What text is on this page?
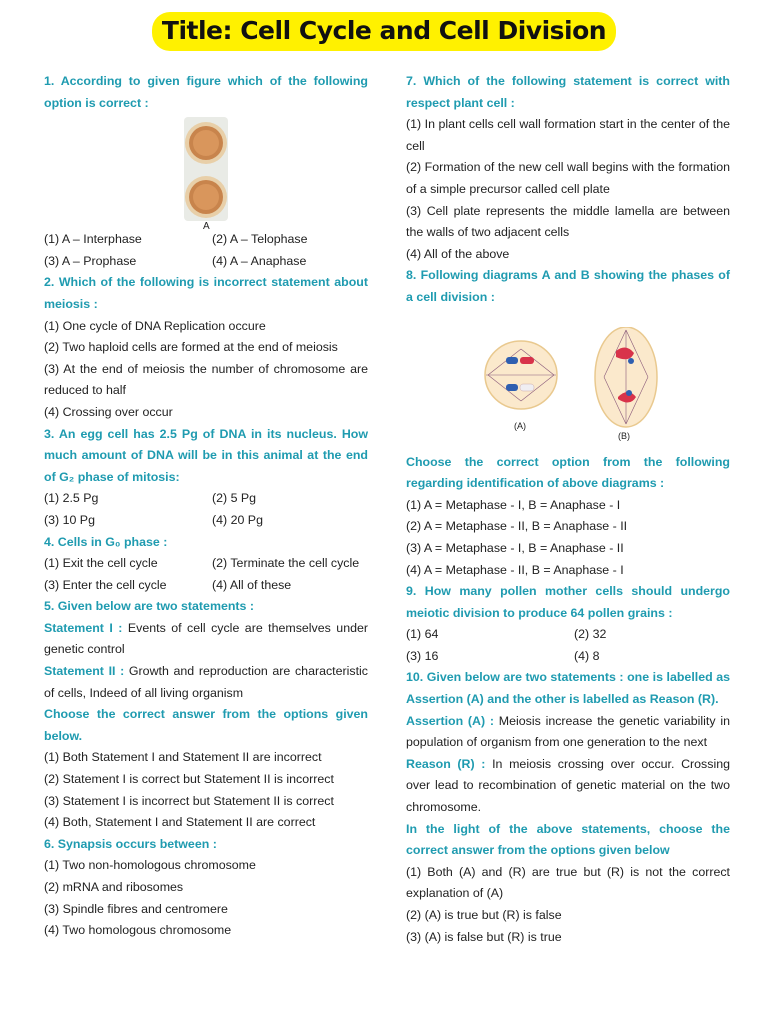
Title: Cell Cycle and Cell Division
1. According to given figure which of the following option is correct :
A
(1) A – Interphase	(2) A – Telophase
(3) A – Prophase	(4) A – Anaphase
2. Which of the following is incorrect statement about meiosis :
(1) One cycle of DNA Replication occure
(2) Two haploid cells are formed at the end of meiosis
(3) At the end of meiosis the number of chromosome are reduced to half
(4) Crossing over occur
3. An egg cell has 2.5 Pg of DNA in its nucleus. How much amount of DNA will be in this animal at the end of G₂ phase of mitosis:
(1) 2.5 Pg	(2) 5 Pg
(3) 10 Pg	(4) 20 Pg
4. Cells in G₀ phase :
(1) Exit the cell cycle	(2) Terminate the cell cycle
(3) Enter the cell cycle	(4) All of these
5. Given below are two statements :
Statement I : Events of cell cycle are themselves under genetic control
Statement II : Growth and reproduction are characteristic of cells, Indeed of all living organism
Choose the correct answer from the options given below.
(1) Both Statement I and Statement II are incorrect
(2) Statement I is correct but Statement II is incorrect
(3) Statement I is incorrect but Statement II is correct
(4) Both, Statement I and Statement II are correct
6. Synapsis occurs between :
(1) Two non-homologous chromosome
(2) mRNA and ribosomes
(3) Spindle fibres and centromere
(4) Two homologous chromosome
7. Which of the following statement is correct with respect plant cell :
(1) In plant cells cell wall formation start in the center of the cell
(2) Formation of the new cell wall begins with the formation of a simple precursor called cell plate
(3) Cell plate represents the middle lamella are between the walls of two adjacent cells
(4) All of the above
8. Following diagrams A and B showing the phases of a cell division :
(A)
(B)
Choose the correct option from the following regarding identification of above diagrams :
(1) A = Metaphase - I, B = Anaphase - I
(2) A = Metaphase - II, B = Anaphase - II
(3) A = Metaphase - I, B = Anaphase - II
(4) A = Metaphase - II, B = Anaphase - I
9. How many pollen mother cells should undergo meiotic division to produce 64 pollen grains :
(1) 64	(2) 32
(3) 16	(4) 8
10. Given below are two statements : one is labelled as Assertion (A) and the other is labelled as Reason (R).
Assertion (A) : Meiosis increase the genetic variability in population of organism from one generation to the next
Reason (R) : In meiosis crossing over occur. Crossing over lead to recombination of genetic material on the two chromosome.
In the light of the above statements, choose the correct answer from the options given below
(1) Both (A) and (R) are true but (R) is not the correct explanation of (A)
(2) (A) is true but (R) is false
(3) (A) is false but (R) is true
